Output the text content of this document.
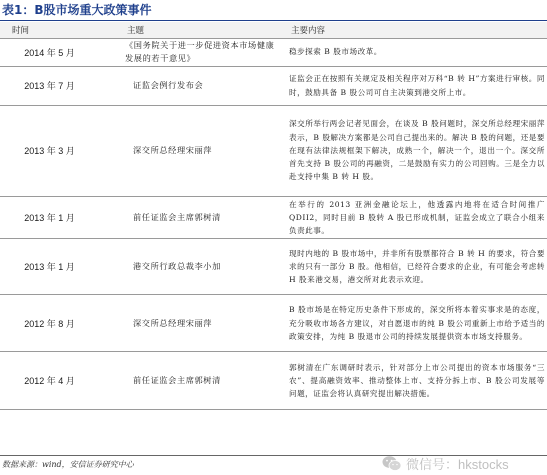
表1：B股市场重大政策事件
时间	主题	主要内容
2014 年 5 月	《国务院关于进一步促进资本市场健康发展的若干意见》	稳步探索 B 股市场改革。
2013 年 7 月	证监会例行发布会	证监会正在按照有关规定及相关程序对万科“B 转 H”方案进行审核。同时，鼓励具备 B 股公司可自主决策到港交所上市。
2013 年 3 月	深交所总经理宋丽萍	深交所举行两会记者见面会，在谈及 B 股问题时，深交所总经理宋丽萍表示，B 股解决方案都是公司自己提出来的。解决 B 股的问题，还是要在现有法律法规框架下解决，成熟一个，解决一个，退出一个。深交所首先支持 B 股公司的再融资，二是鼓励有实力的公司回购。三是全力以赴支持中集 B 转 H 股。
2013 年 1 月	前任证监会主席郭树清	在举行的 2013 亚洲金融论坛上，他透露内地将在适合时间推广 QDII2，同时目前 B 股转 A 股已形成机制，证监会成立了联合小组来负责此事。
2013 年 1 月	港交所行政总裁李小加	现时内地的 B 股市场中，并非所有股票都符合 B 转 H 的要求，符合要求的只有一部分 B 股。他相信，已经符合要求的企业，有可能会考虑转 H 股来港交易，港交所对此表示欢迎。
2012 年 8 月	深交所总经理宋丽萍	B 股市场是在特定历史条件下形成的，深交所将本着实事求是的态度，充分吸收市场各方建议，对自愿退市的纯 B 股公司重新上市给予适当的政策安排，为纯 B 股退市公司的持续发展提供资本市场支持服务。
2012 年 4 月	前任证监会主席郭树清	郭树清在广东调研时表示，针对部分上市公司提出的资本市场服务“三农”、提高融资效率、推动整体上市、支持分拆上市、B 股公司发展等问题，证监会将认真研究提出解决措施。
数据来源：wind，安信证券研究中心	微信号：hkstocks
